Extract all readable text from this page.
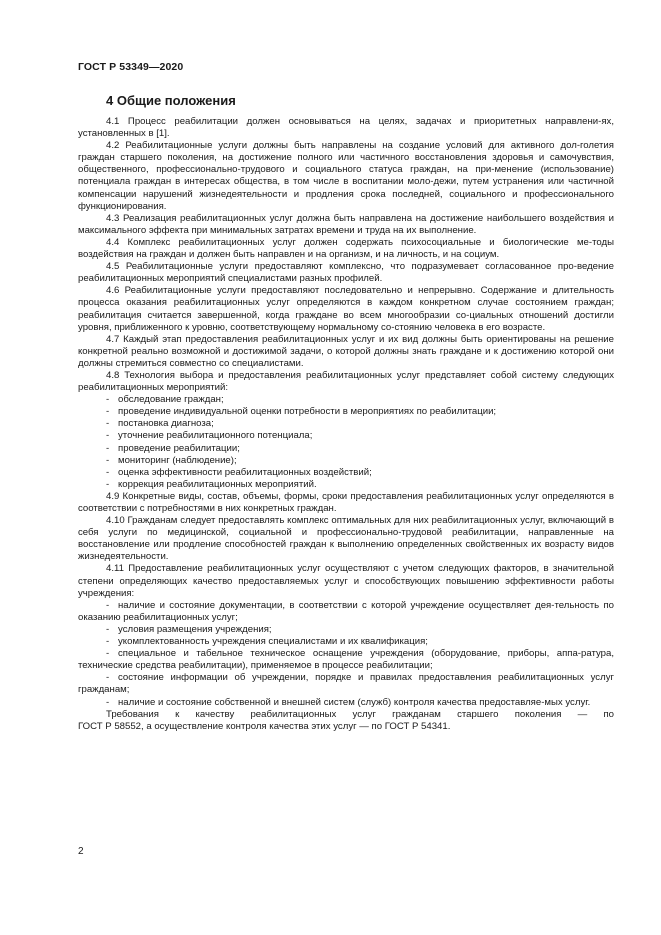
ГОСТ Р 53349—2020
4 Общие положения

4.1 Процесс реабилитации должен основываться на целях, задачах и приоритетных направлени-ях, установленных в [1].

4.2 Реабилитационные услуги должны быть направлены на создание условий для активного дол-голетия граждан старшего поколения, на достижение полного или частичного восстановления здоровья и самочувствия, общественного, профессионально-трудового и социального статуса граждан, на при-менение (использование) потенциала граждан в интересах общества, в том числе в воспитании моло-дежи, путем устранения или частичной компенсации нарушений жизнедеятельности и продления срока последней, социального и профессионального функционирования.

4.3 Реализация реабилитационных услуг должна быть направлена на достижение наибольшего воздействия и максимального эффекта при минимальных затратах времени и труда на их выполнение.

4.4 Комплекс реабилитационных услуг должен содержать психосоциальные и биологические ме-тоды воздействия на граждан и должен быть направлен и на организм, и на личность, и на социум.

4.5 Реабилитационные услуги предоставляют комплексно, что подразумевает согласованное про-ведение реабилитационных мероприятий специалистами разных профилей.

4.6 Реабилитационные услуги предоставляют последовательно и непрерывно. Содержание и длительность процесса оказания реабилитационных услуг определяются в каждом конкретном случае состоянием граждан; реабилитация считается завершенной, когда граждане во всем многообразии со-циальных отношений достигли уровня, приближенного к уровню, соответствующему нормальному со-стоянию человека в его возрасте.

4.7 Каждый этап предоставления реабилитационных услуг и их вид должны быть ориентированы на решение конкретной реально возможной и достижимой задачи, о которой должны знать граждане и к достижению которой они должны стремиться совместно со специалистами.

4.8 Технология выбора и предоставления реабилитационных услуг представляет собой систему следующих реабилитационных мероприятий:

- обследование граждан;

- проведение индивидуальной оценки потребности в мероприятиях по реабилитации;

- постановка диагноза;

- уточнение реабилитационного потенциала;

- проведение реабилитации;

- мониторинг (наблюдение);

- оценка эффективности реабилитационных воздействий;

- коррекция реабилитационных мероприятий.

4.9 Конкретные виды, состав, объемы, формы, сроки предоставления реабилитационных услуг определяются в соответствии с потребностями в них конкретных граждан.

4.10 Гражданам следует предоставлять комплекс оптимальных для них реабилитационных услуг, включающий в себя услуги по медицинской, социальной и профессионально-трудовой реабилитации, направленные на восстановление или продление способностей граждан к выполнению определенных свойственных их возрасту видов жизнедеятельности.

4.11 Предоставление реабилитационных услуг осуществляют с учетом следующих факторов, в значительной степени определяющих качество предоставляемых услуг и способствующих повышению эффективности работы учреждения:

- наличие и состояние документации, в соответствии с которой учреждение осуществляет дея-тельность по оказанию реабилитационных услуг;

- условия размещения учреждения;

- укомплектованность учреждения специалистами и их квалификация;

- специальное и табельное техническое оснащение учреждения (оборудование, приборы, аппа-ратура, технические средства реабилитации), применяемое в процессе реабилитации;

- состояние информации об учреждении, порядке и правилах предоставления реабилитационных услуг гражданам;

- наличие и состояние собственной и внешней систем (служб) контроля качества предоставляе-мых услуг.

Требования к качеству реабилитационных услуг гражданам старшего поколения — по

ГОСТ Р 58552, а осуществление контроля качества этих услуг — по ГОСТ Р 54341.

2
